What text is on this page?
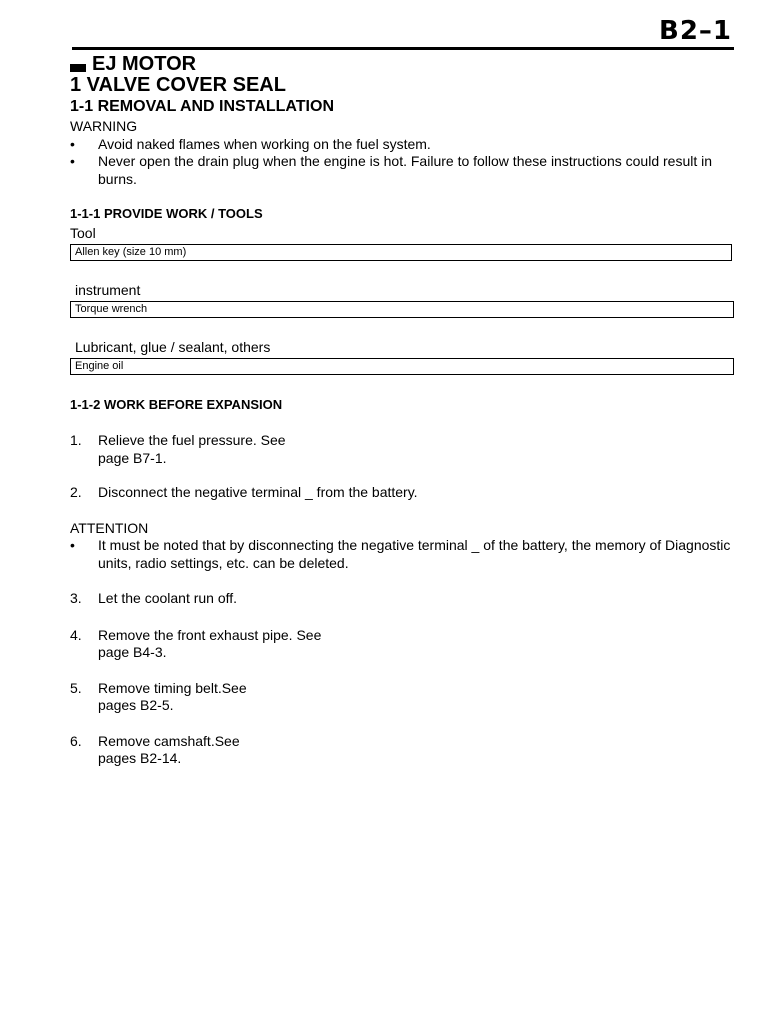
B2–1
EJ MOTOR
1 VALVE COVER SEAL
1-1 REMOVAL AND INSTALLATION
WARNING
•	Avoid naked flames when working on the fuel system.
•	Never open the drain plug when the engine is hot. Failure to follow these instructions could result in burns.
1-1-1 PROVIDE WORK / TOOLS
Tool
Allen key (size 10 mm)
instrument
Torque wrench
Lubricant, glue / sealant, others
Engine oil
1-1-2 WORK BEFORE EXPANSION
1.	Relieve the fuel pressure. See
page B7-1.
2.	Disconnect the negative terminal _ from the battery.
ATTENTION
•	It must be noted that by disconnecting the negative terminal _ of the battery, the memory of Diagnostic units, radio settings, etc. can be deleted.
3.	Let the coolant run off.
4.	Remove the front exhaust pipe. See
page B4-3.
5.	Remove timing belt.See
pages B2-5.
6.	Remove camshaft.See
pages B2-14.
